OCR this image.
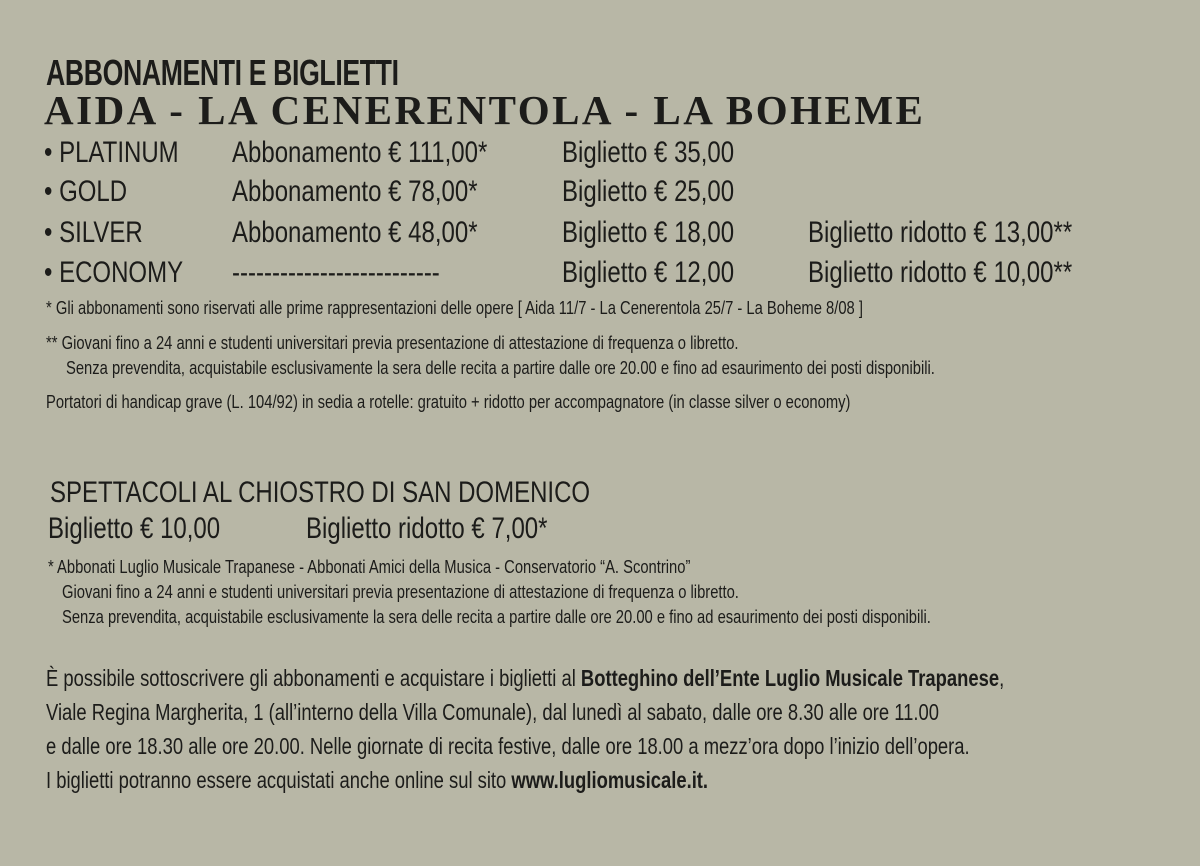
ABBONAMENTI E BIGLIETTI
AIDA - LA CENERENTOLA - LA BOHEME
• PLATINUM Abbonamento € 111,00* Biglietto € 35,00
• GOLD	Abbonamento € 78,00*	Biglietto € 25,00
• SILVER	Abbonamento € 48,00*	Biglietto € 18,00 Biglietto ridotto € 13,00**
• ECONOMY --------------------------	Biglietto € 12,00 Biglietto ridotto € 10,00**
* Gli abbonamenti sono riservati alle prime rappresentazioni delle opere [ Aida 11/7 - La Cenerentola 25/7 - La Boheme 8/08 ]
** Giovani fino a 24 anni e studenti universitari previa presentazione di attestazione di frequenza o libretto.
Senza prevendita, acquistabile esclusivamente la sera delle recita a partire dalle ore 20.00 e fino ad esaurimento dei posti disponibili.
Portatori di handicap grave (L. 104/92) in sedia a rotelle: gratuito + ridotto per accompagnatore (in classe silver o economy)
SPETTACOLI AL CHIOSTRO DI SAN DOMENICO
Biglietto € 10,00	Biglietto ridotto € 7,00*
* Abbonati Luglio Musicale Trapanese - Abbonati Amici della Musica - Conservatorio “A. Scontrino”
Giovani fino a 24 anni e studenti universitari previa presentazione di attestazione di frequenza o libretto.
Senza prevendita, acquistabile esclusivamente la sera delle recita a partire dalle ore 20.00 e fino ad esaurimento dei posti disponibili.
È possibile sottoscrivere gli abbonamenti e acquistare i biglietti al Botteghino dell’Ente Luglio Musicale Trapanese,
Viale Regina Margherita, 1 (all’interno della Villa Comunale), dal lunedì al sabato, dalle ore 8.30 alle ore 11.00
e dalle ore 18.30 alle ore 20.00. Nelle giornate di recita festive, dalle ore 18.00 a mezz’ora dopo l’inizio dell’opera.
I biglietti potranno essere acquistati anche online sul sito www.lugliomusicale.it.
